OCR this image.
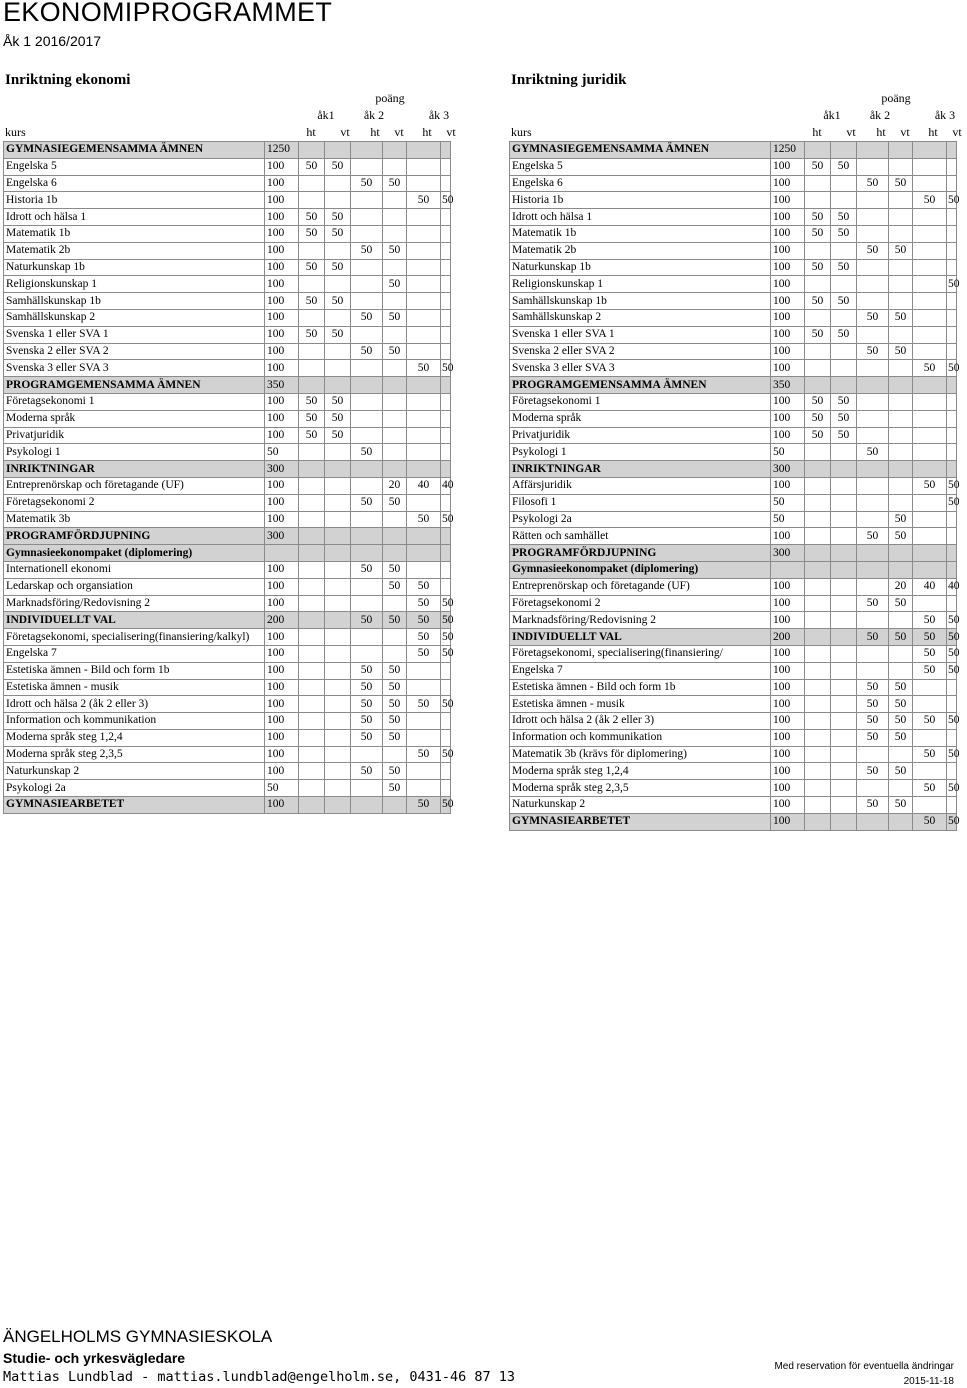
EKONOMIPROGRAMMET
Åk 1 2016/2017
Inriktning ekonomi
poäng
åk1	åk 2	åk 3
kurs	ht	vt	ht	vt	ht	vt
GYMNASIEGEMENSAMMA ÄMNEN	1250							
Engelska 5	100	50	50					
Engelska 6	100			50	50			
Historia 1b	100					50	50	
Idrott och hälsa 1	100	50	50					
Matematik 1b	100	50	50					
Matematik 2b	100			50	50			
Naturkunskap 1b	100	50	50					
Religionskunskap 1	100				50			
Samhällskunskap 1b	100	50	50					
Samhällskunskap 2	100			50	50			
Svenska 1 eller SVA 1	100	50	50					
Svenska 2 eller SVA 2	100			50	50			
Svenska 3 eller SVA 3	100					50	50	
PROGRAMGEMENSAMMA ÄMNEN	350							
Företagsekonomi 1	100	50	50					
Moderna språk	100	50	50					
Privatjuridik	100	50	50					
Psykologi 1	50			50				
INRIKTNINGAR	300							
Entreprenörskap och företagande (UF)	100				20	40	40	
Företagsekonomi 2	100			50	50			
Matematik 3b	100					50	50	
PROGRAMFÖRDJUPNING	300							
Gymnasieekonompaket (diplomering)								
Internationell ekonomi	100			50	50			
Ledarskap och organsiation	100				50	50		
Marknadsföring/Redovisning 2	100					50	50	
INDIVIDUELLT VAL	200			50	50	50	50	
Företagsekonomi, specialisering(finansiering/kalkyl)	100					50	50	
Engelska 7	100					50	50	
Estetiska ämnen - Bild och form 1b	100			50	50			
Estetiska ämnen - musik	100			50	50			
Idrott och hälsa 2 (åk 2 eller 3)	100			50	50	50	50	
Information och kommunikation	100			50	50			
Moderna språk steg 1,2,4	100			50	50			
Moderna språk steg 2,3,5	100					50	50	
Naturkunskap 2	100			50	50			
Psykologi 2a	50				50			
GYMNASIEARBETET	100					50	50	
Inriktning juridik
poäng
åk1	åk 2	åk 3
kurs	ht	vt	ht	vt	ht	vt
GYMNASIEGEMENSAMMA ÄMNEN	1250							
Engelska 5	100	50	50					
Engelska 6	100			50	50			
Historia 1b	100					50	50	
Idrott och hälsa 1	100	50	50					
Matematik 1b	100	50	50					
Matematik 2b	100			50	50			
Naturkunskap 1b	100	50	50					
Religionskunskap 1	100						50	
Samhällskunskap 1b	100	50	50					
Samhällskunskap 2	100			50	50			
Svenska 1 eller SVA 1	100	50	50					
Svenska 2 eller SVA 2	100			50	50			
Svenska 3 eller SVA 3	100					50	50	
PROGRAMGEMENSAMMA ÄMNEN	350							
Företagsekonomi 1	100	50	50					
Moderna språk	100	50	50					
Privatjuridik	100	50	50					
Psykologi 1	50			50				
INRIKTNINGAR	300							
Affärsjuridik	100					50	50	
Filosofi 1	50						50	
Psykologi 2a	50				50			
Rätten och samhället	100			50	50			
PROGRAMFÖRDJUPNING	300							
Gymnasieekonompaket (diplomering)								
Entreprenörskap och företagande (UF)	100				20	40	40	
Företagsekonomi 2	100			50	50			
Marknadsföring/Redovisning 2	100					50	50	
INDIVIDUELLT VAL	200			50	50	50	50	
Företagsekonomi, specialisering(finansiering/	100					50	50	
Engelska 7	100					50	50	
Estetiska ämnen - Bild och form 1b	100			50	50			
Estetiska ämnen - musik	100			50	50			
Idrott och hälsa 2 (åk 2 eller 3)	100			50	50	50	50	
Information och kommunikation	100			50	50			
Matematik 3b (krävs för diplomering)	100					50	50	
Moderna språk steg 1,2,4	100			50	50			
Moderna språk steg 2,3,5	100					50	50	
Naturkunskap 2	100			50	50			
GYMNASIEARBETET	100					50	50	
ÄNGELHOLMS GYMNASIESKOLA
Studie- och yrkesvägledare
Mattias Lundblad - mattias.lundblad@engelholm.se, 0431-46 87 13
Med reservation för eventuella ändringar
2015-11-18
